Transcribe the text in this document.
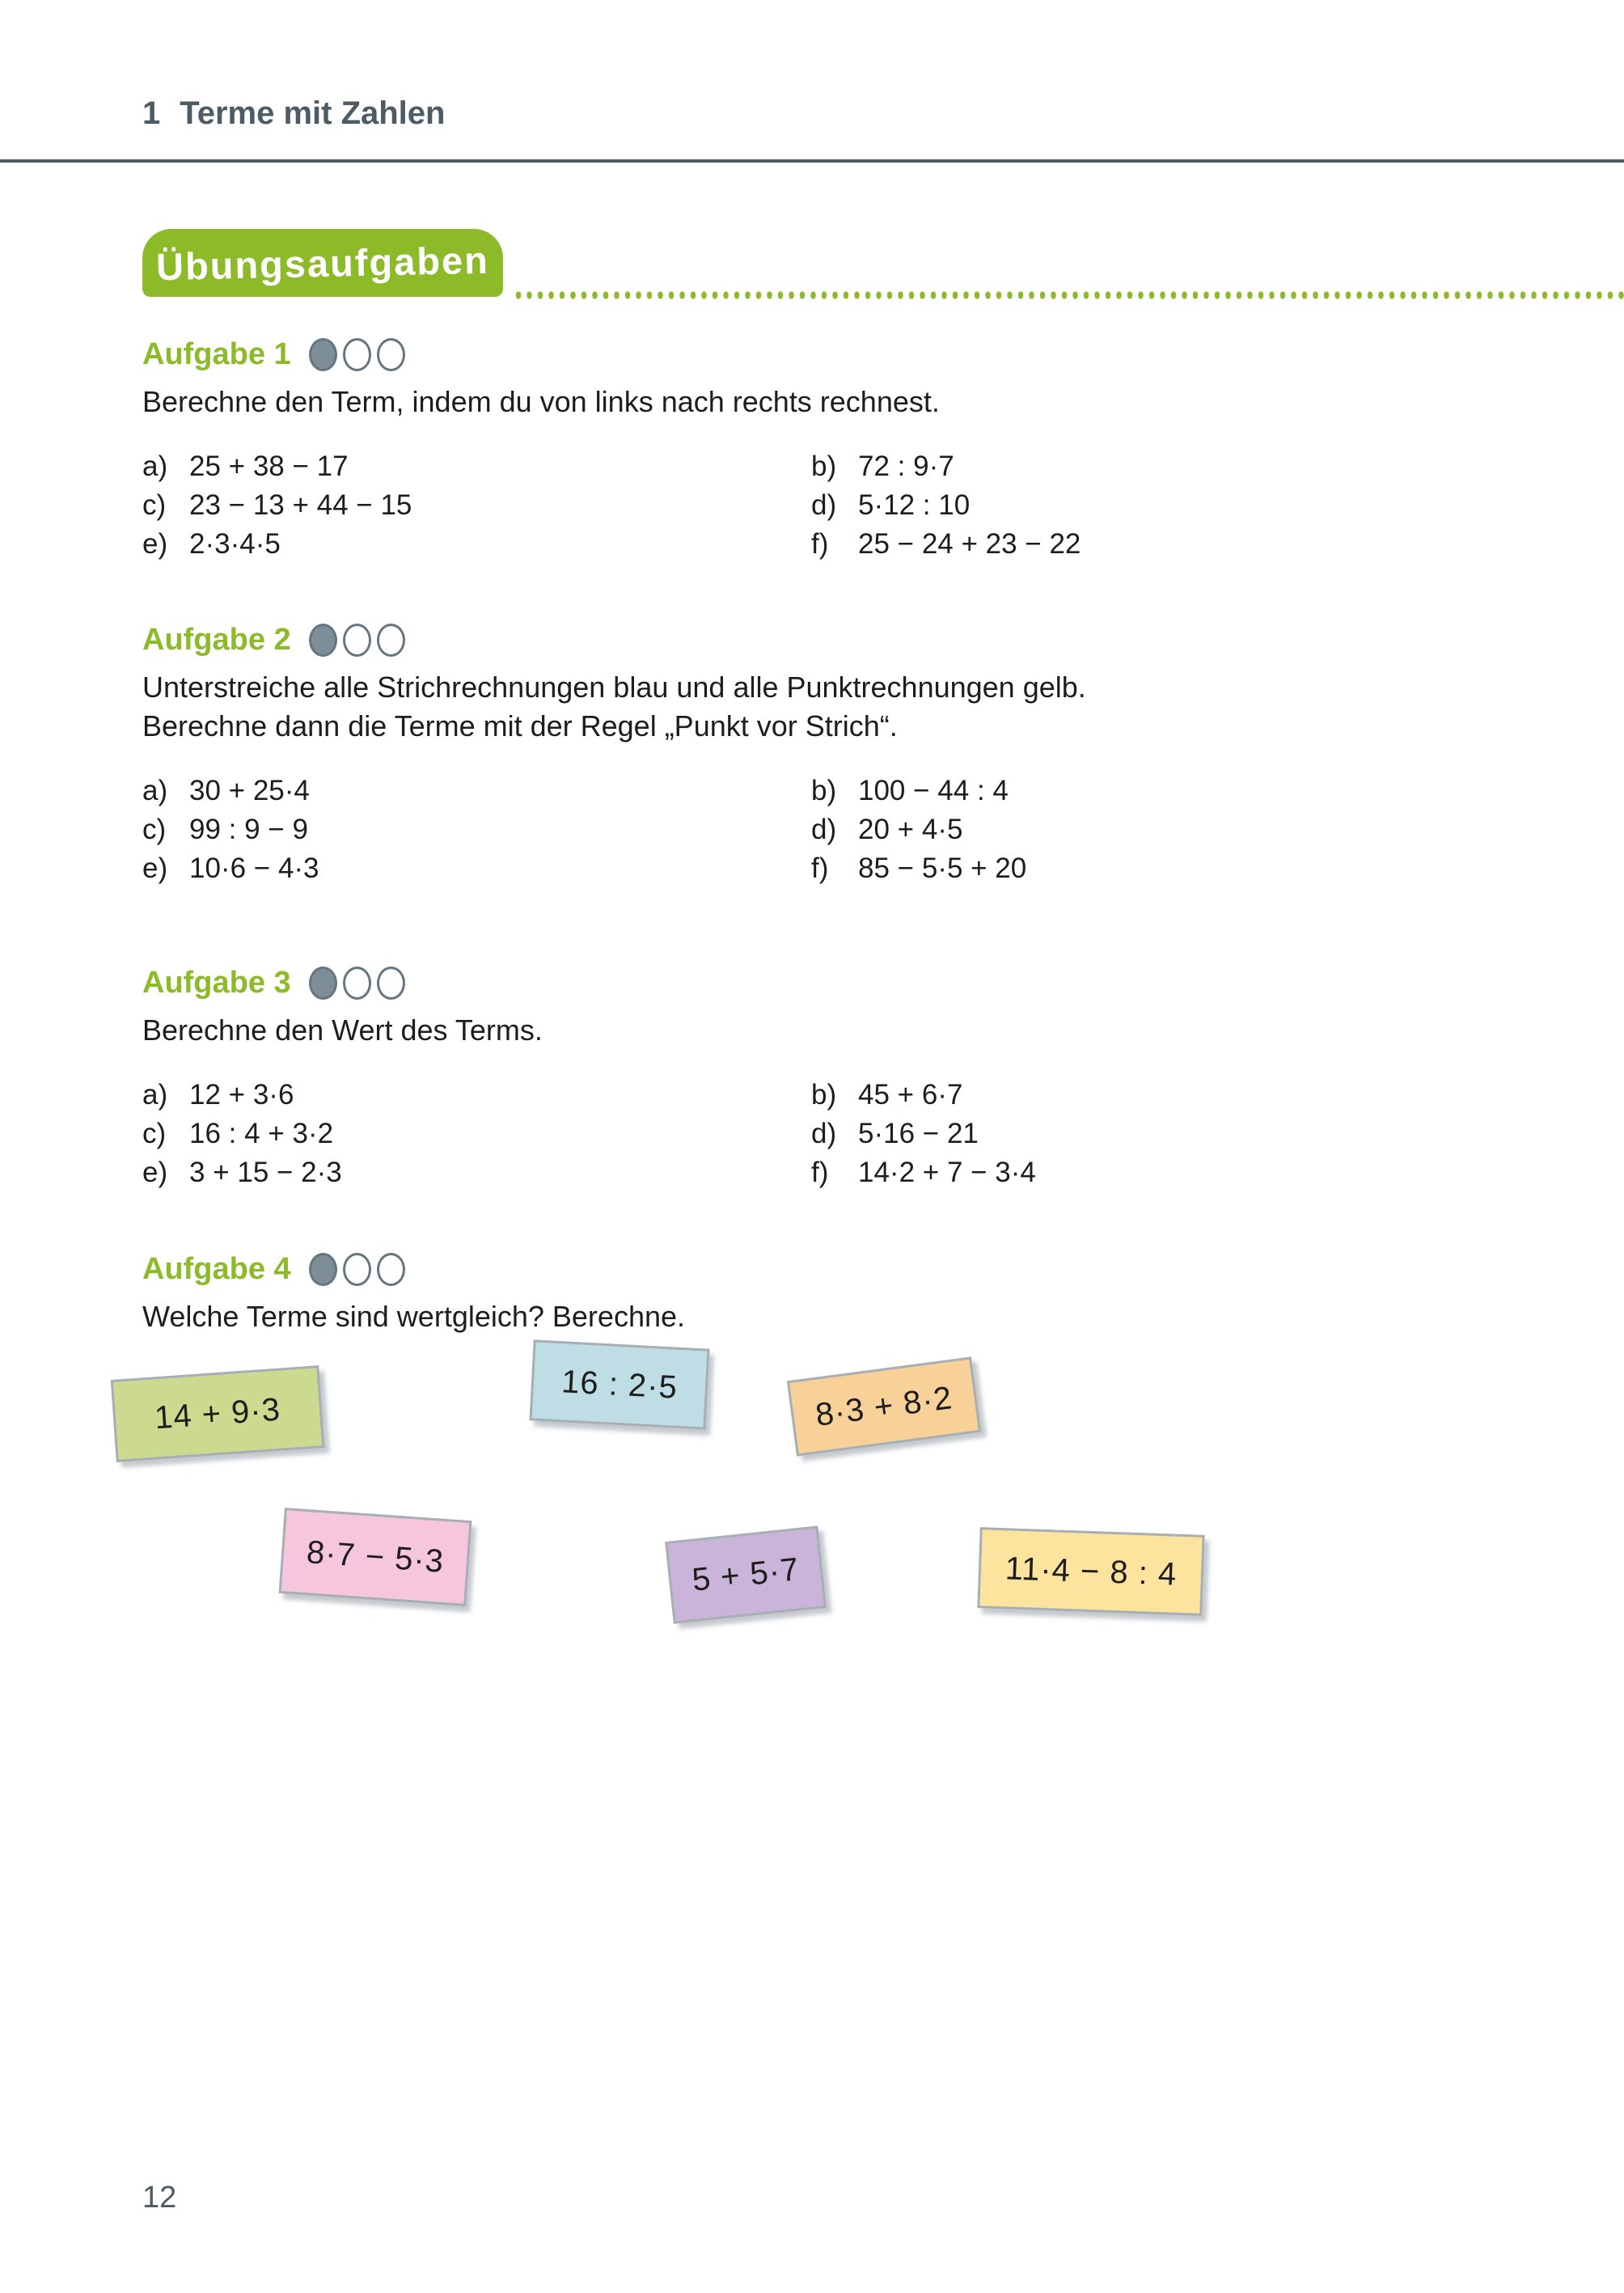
1 Terme mit Zahlen
Übungsaufgaben
Aufgabe 1

Berechne den Term, indem du von links nach rechts rechnest.

a) 25 + 38 − 17	b) 72 : 9·7
c) 23 − 13 + 44 − 15	d) 5·12 : 10
e) 2·3·4·5	f) 25 − 24 + 23 − 22
Aufgabe 2

Unterstreiche alle Strichrechnungen blau und alle Punktrechnungen gelb.

Berechne dann die Terme mit der Regel „Punkt vor Strich“.

a) 30 + 25·4	b) 100 − 44 : 4
c) 99 : 9 − 9	d) 20 + 4·5
e) 10·6 − 4·3	f) 85 − 5·5 + 20
Aufgabe 3

Berechne den Wert des Terms.

a) 12 + 3·6	b) 45 + 6·7
c) 16 : 4 + 3·2	d) 5·16 − 21
e) 3 + 15 − 2·3	f) 14·2 + 7 − 3·4
Aufgabe 4

Welche Terme sind wertgleich? Berechne.

14 + 9·3
16 : 2·5	8·3 + 8·2
8·7 − 5·3	5 + 5·7	11·4 − 8 : 4
12
